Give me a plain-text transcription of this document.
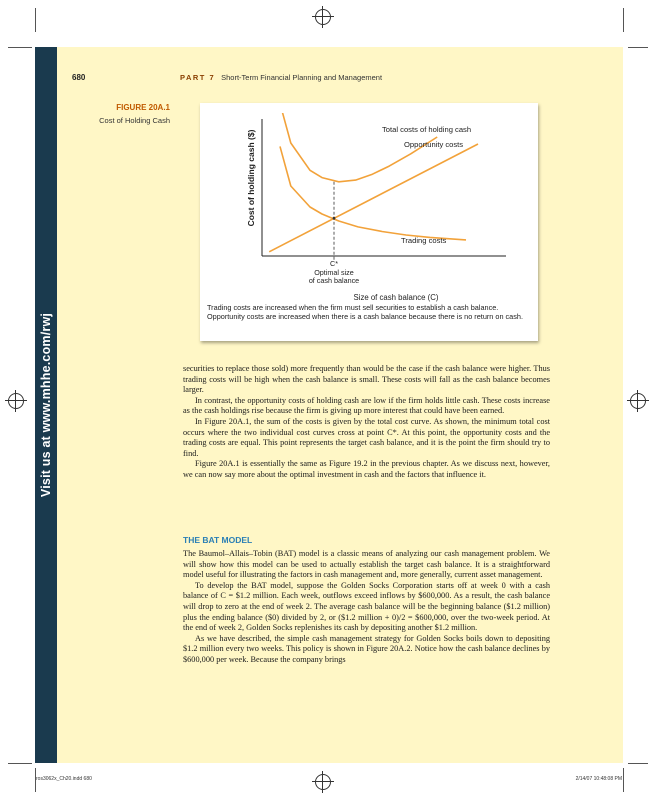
Visit us at www.mhhe.com/rwj
680	PART 7 Short-Term Financial Planning and Management
FIGURE 20A.1
Cost of Holding Cash
Cost of holding cash ($)
Size of cash balance (C)
C*
Optimal size
of cash balance
Total costs of holding cash
Opportunity costs
Trading costs
Trading costs are increased when the firm must sell securities to establish a cash balance. Opportunity costs are increased when there is a cash balance because there is no return on cash.

securities to replace those sold) more frequently than would be the case if the cash balance were higher. Thus trading costs will be high when the cash balance is small. These costs will fall as the cash balance becomes larger.

In contrast, the opportunity costs of holding cash are low if the firm holds little cash. These costs increase as the cash holdings rise because the firm is giving up more interest that could have been earned.

In Figure 20A.1, the sum of the costs is given by the total cost curve. As shown, the minimum total cost occurs where the two individual cost curves cross at point C*. At this point, the opportunity costs and the trading costs are equal. This point represents the target cash balance, and it is the point the firm should try to find.

Figure 20A.1 is essentially the same as Figure 19.2 in the previous chapter. As we discuss next, however, we can now say more about the optimal investment in cash and the factors that influence it.

THE BAT MODEL

The Baumol–Allais–Tobin (BAT) model is a classic means of analyzing our cash management problem. We will show how this model can be used to actually establish the target cash balance. It is a straightforward model useful for illustrating the factors in cash management and, more generally, current asset management.

To develop the BAT model, suppose the Golden Socks Corporation starts off at week 0 with a cash balance of C = $1.2 million. Each week, outflows exceed inflows by $600,000. As a result, the cash balance will drop to zero at the end of week 2. The average cash balance will be the beginning balance ($1.2 million) plus the ending balance ($0) divided by 2, or ($1.2 million + 0)/2 = $600,000, over the two-week period. At the end of week 2, Golden Socks replenishes its cash by depositing another $1.2 million.

As we have described, the simple cash management strategy for Golden Socks boils down to depositing $1.2 million every two weeks. This policy is shown in Figure 20A.2. Notice how the cash balance declines by $600,000 per week. Because the company brings

ros3062x_Ch20.indd 680	2/14/07 10:48:08 PM
